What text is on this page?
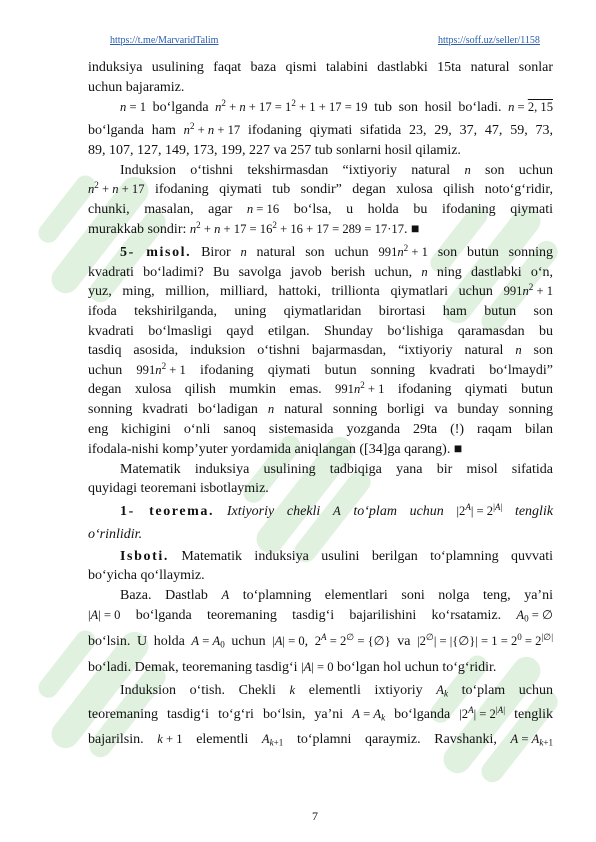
https://t.me/MarvaridTalim	https://soff.uz/seller/1158
induksiya usulining faqat baza qismi talabini dastlabki 15ta natural sonlar
uchun bajaramiz.
n = 1 bo‘lganda $n^2 + n + 17 = 1^2 + 1 + 17 = 19$ tub son hosil bo‘ladi. n = 2, 15
bo‘lganda ham $n^2 + n + 17$ ifodaning qiymati sifatida 23, 29, 37, 47, 59, 73,
89, 107, 127, 149, 173, 199, 227 va 257 tub sonlarni hosil qilamiz.
Induksion o‘tishni tekshirmasdan “ixtiyoriy natural n son uchun
$n^2 + n + 17$ ifodaning qiymati tub sondir” degan xulosa qilish noto‘g‘ridir,
chunki, masalan, agar n = 16 bo‘lsa, u holda bu ifodaning qiymati
murakkab sondir: $n^2 + n + 17 = 16^2 + 16 + 17 = 289 = 17\cdot 17$. ■
5- misol. Biror n natural son uchun $991n^2 + 1$ son butun sonning
kvadrati bo‘ladimi? Bu savolga javob berish uchun, n ning dastlabki o‘n,
yuz, ming, million, milliard, hattoki, trillionta qiymatlari uchun $991n^2 + 1$
ifoda tekshirilganda, uning qiymatlaridan birortasi ham butun son
kvadrati bo‘lmasligi qayd etilgan. Shunday bo‘lishiga qaramasdan bu
tasdiq asosida, induksion o‘tishni bajarmasdan, “ixtiyoriy natural n son
uchun $991n^2 + 1$ ifodaning qiymati butun sonning kvadrati bo‘lmaydi”
degan xulosa qilish mumkin emas. $991n^2 + 1$ ifodaning qiymati butun
sonning kvadrati bo‘ladigan n natural sonning borligi va bunday sonning
eng kichigini o‘nli sanoq sistemasida yozganda 29ta (!) raqam bilan
ifodala-nishi komp’yuter yordamida aniqlangan ([34]ga qarang). ■
Matematik induksiya usulining tadbiqiga yana bir misol sifatida
quyidagi teoremani isbotlaymiz.
1- teorema. Ixtiyoriy chekli A to‘plam uchun $|2^A| = 2^{|A|}$ tenglik
o‘rinlidir.
Isboti. Matematik induksiya usulini berilgan to‘plamning quvvati
bo‘yicha qo‘llaymiz.
Baza. Dastlab A to‘plamning elementlari soni nolga teng, ya’ni
|A| = 0 bo‘lganda teoremaning tasdig‘i bajarilishini ko‘rsatamiz. $A_0$ = ∅
bo‘lsin. U holda $A = A_0$ uchun |A| = 0, $2^A = 2^\emptyset$ = {∅} va |2∅| = |{∅}| = $1 = 2^0 = 2^{|\emptyset|}$
bo‘ladi. Demak, teoremaning tasdig‘i |A| = 0 bo‘lgan hol uchun to‘g‘ridir.
Induksion o‘tish. Chekli k elementli ixtiyoriy $A_k$ to‘plam uchun
teoremaning tasdig‘i to‘g‘ri bo‘lsin, ya’ni $A = A_k$ bo‘lganda $|2^A| = 2^{|A|}$ tenglik
bajarilsin. k + 1 elementli $A_{k+1}$ to‘plamni qaraymiz. Ravshanki, $A = A_{k+1}$
7
